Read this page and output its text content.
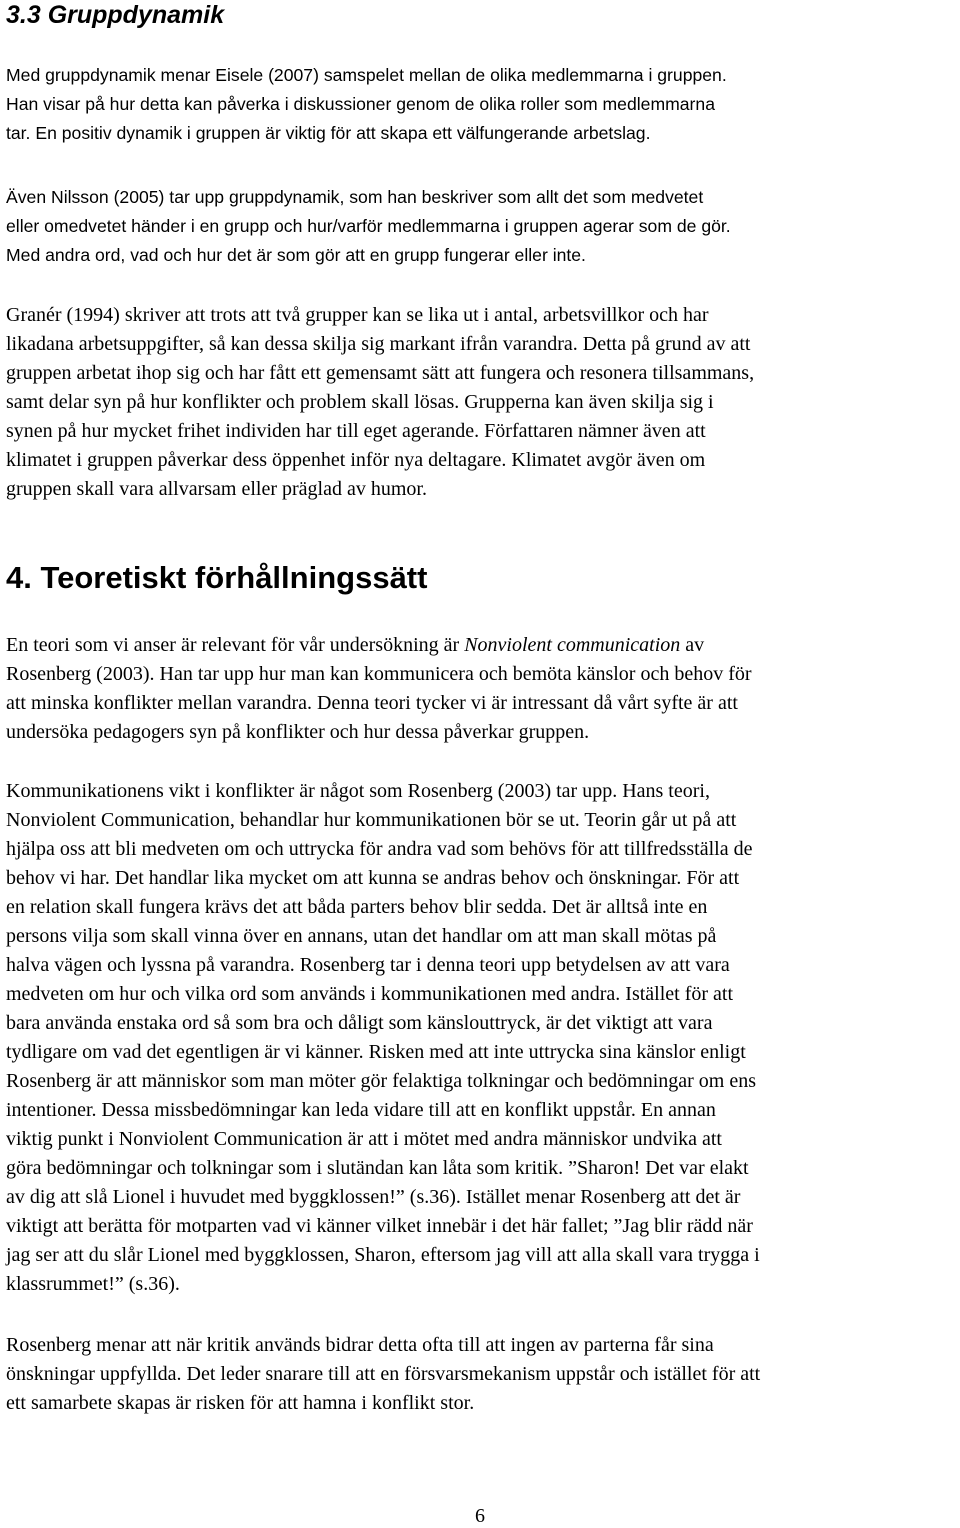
3.3 Gruppdynamik

Med gruppdynamik menar Eisele (2007) samspelet mellan de olika medlemmarna i gruppen.
Han visar på hur detta kan påverka i diskussioner genom de olika roller som medlemmarna
tar. En positiv dynamik i gruppen är viktig för att skapa ett välfungerande arbetslag.

Även Nilsson (2005) tar upp gruppdynamik, som han beskriver som allt det som medvetet
eller omedvetet händer i en grupp och hur/varför medlemmarna i gruppen agerar som de gör.
Med andra ord, vad och hur det är som gör att en grupp fungerar eller inte.

Granér (1994) skriver att trots att två grupper kan se lika ut i antal, arbetsvillkor och har
likadana arbetsuppgifter, så kan dessa skilja sig markant ifrån varandra. Detta på grund av att
gruppen arbetat ihop sig och har fått ett gemensamt sätt att fungera och resonera tillsammans,
samt delar syn på hur konflikter och problem skall lösas. Grupperna kan även skilja sig i
synen på hur mycket frihet individen har till eget agerande. Författaren nämner även att
klimatet i gruppen påverkar dess öppenhet inför nya deltagare. Klimatet avgör även om
gruppen skall vara allvarsam eller präglad av humor.

4. Teoretiskt förhållningssätt

En teori som vi anser är relevant för vår undersökning är Nonviolent communication av
Rosenberg (2003). Han tar upp hur man kan kommunicera och bemöta känslor och behov för
att minska konflikter mellan varandra. Denna teori tycker vi är intressant då vårt syfte är att
undersöka pedagogers syn på konflikter och hur dessa påverkar gruppen.

Kommunikationens vikt i konflikter är något som Rosenberg (2003) tar upp. Hans teori,
Nonviolent Communication, behandlar hur kommunikationen bör se ut. Teorin går ut på att
hjälpa oss att bli medveten om och uttrycka för andra vad som behövs för att tillfredsställa de
behov vi har. Det handlar lika mycket om att kunna se andras behov och önskningar. För att
en relation skall fungera krävs det att båda parters behov blir sedda. Det är alltså inte en
persons vilja som skall vinna över en annans, utan det handlar om att man skall mötas på
halva vägen och lyssna på varandra. Rosenberg tar i denna teori upp betydelsen av att vara
medveten om hur och vilka ord som används i kommunikationen med andra. Istället för att
bara använda enstaka ord så som bra och dåligt som känslouttryck, är det viktigt att vara
tydligare om vad det egentligen är vi känner. Risken med att inte uttrycka sina känslor enligt
Rosenberg är att människor som man möter gör felaktiga tolkningar och bedömningar om ens
intentioner. Dessa missbedömningar kan leda vidare till att en konflikt uppstår. En annan
viktig punkt i Nonviolent Communication är att i mötet med andra människor undvika att
göra bedömningar och tolkningar som i slutändan kan låta som kritik. ”Sharon! Det var elakt
av dig att slå Lionel i huvudet med byggklossen!” (s.36). Istället menar Rosenberg att det är
viktigt att berätta för motparten vad vi känner vilket innebär i det här fallet; ”Jag blir rädd när
jag ser att du slår Lionel med byggklossen, Sharon, eftersom jag vill att alla skall vara trygga i
klassrummet!” (s.36).

Rosenberg menar att när kritik används bidrar detta ofta till att ingen av parterna får sina
önskningar uppfyllda. Det leder snarare till att en försvarsmekanism uppstår och istället för att
ett samarbete skapas är risken för att hamna i konflikt stor.

6
